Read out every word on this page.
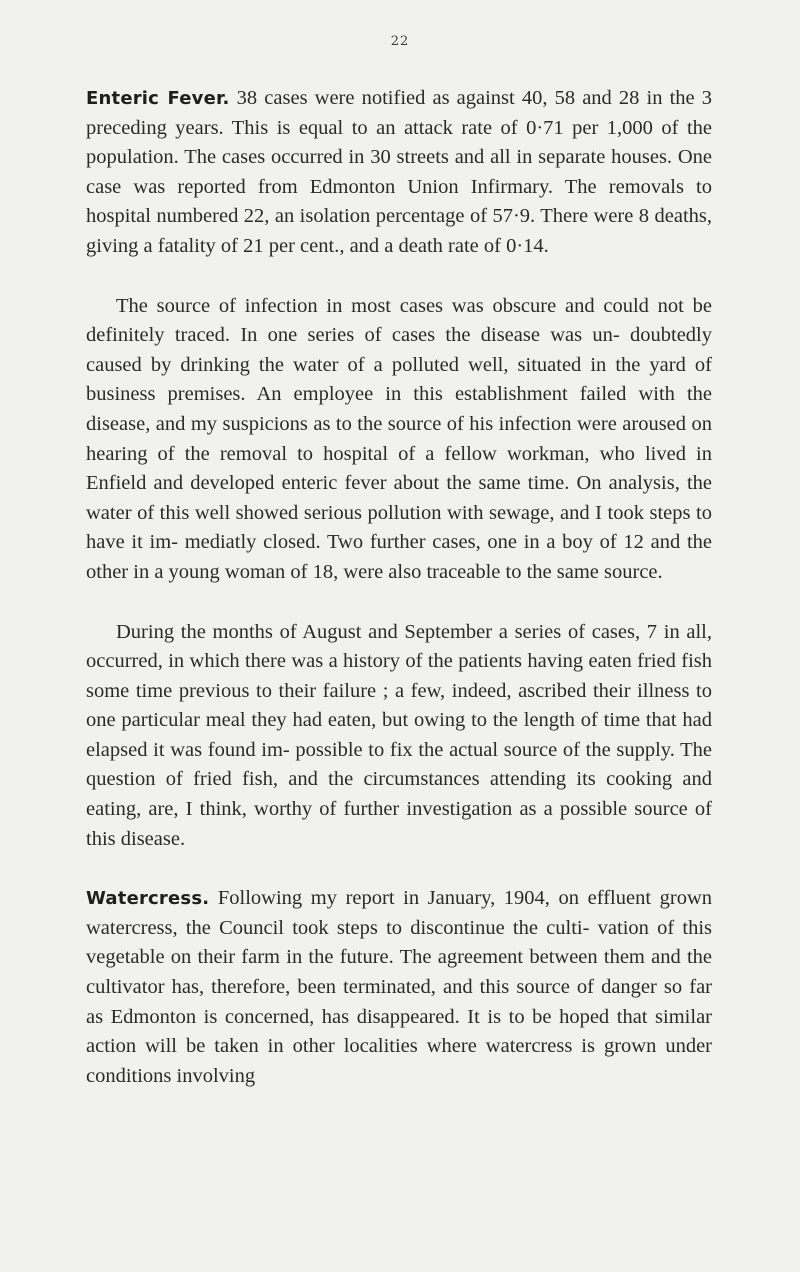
22

Enteric Fever. 38 cases were notified as against 40, 58 and 28 in the 3 preceding years. This is equal to an attack rate of 0·71 per 1,000 of the population. The cases occurred in 30 streets and all in separate houses. One case was reported from Edmonton Union Infirmary. The removals to hospital numbered 22, an isolation percentage of 57·9. There were 8 deaths, giving a fatality of 21 per cent., and a death rate of 0·14.

The source of infection in most cases was obscure and could not be definitely traced. In one series of cases the disease was un- doubtedly caused by drinking the water of a polluted well, situated in the yard of business premises. An employee in this establishment failed with the disease, and my suspicions as to the source of his infection were aroused on hearing of the removal to hospital of a fellow workman, who lived in Enfield and developed enteric fever about the same time. On analysis, the water of this well showed serious pollution with sewage, and I took steps to have it im- mediatly closed. Two further cases, one in a boy of 12 and the other in a young woman of 18, were also traceable to the same source.

During the months of August and September a series of cases, 7 in all, occurred, in which there was a history of the patients having eaten fried fish some time previous to their failure ; a few, indeed, ascribed their illness to one particular meal they had eaten, but owing to the length of time that had elapsed it was found im- possible to fix the actual source of the supply. The question of fried fish, and the circumstances attending its cooking and eating, are, I think, worthy of further investigation as a possible source of this disease.

Watercress. Following my report in January, 1904, on effluent grown watercress, the Council took steps to discontinue the culti- vation of this vegetable on their farm in the future. The agreement between them and the cultivator has, therefore, been terminated, and this source of danger so far as Edmonton is concerned, has disappeared. It is to be hoped that similar action will be taken in other localities where watercress is grown under conditions involving
